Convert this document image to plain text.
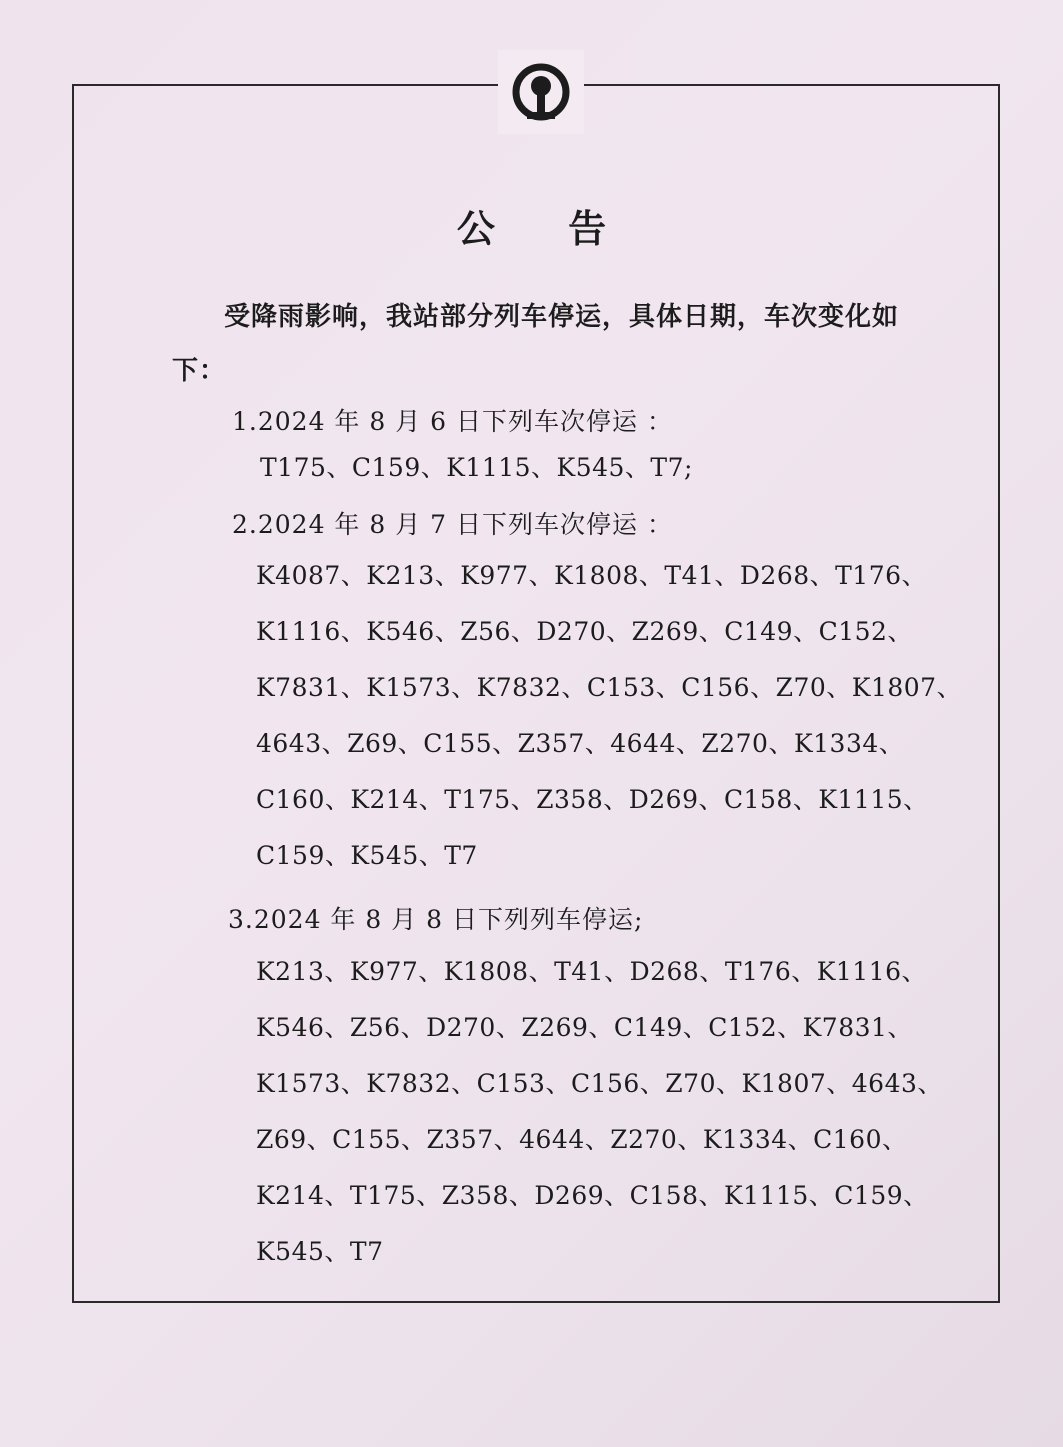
公 告
受降雨影响，我站部分列车停运，具体日期，车次变化如下：
1.2024 年 8 月 6 日下列车次停运 ：
T175、C159、K1115、K545、T7;
2.2024 年 8 月 7 日下列车次停运 ：
K4087、K213、K977、K1808、T41、D268、T176、
K1116、K546、Z56、D270、Z269、C149、C152、
K7831、K1573、K7832、C153、C156、Z70、K1807、
4643、Z69、C155、Z357、4644、Z270、K1334、
C160、K214、T175、Z358、D269、C158、K1115、
C159、K545、T7
3.2024 年 8 月 8 日下列列车停运;
K213、K977、K1808、T41、D268、T176、K1116、
K546、Z56、D270、Z269、C149、C152、K7831、
K1573、K7832、C153、C156、Z70、K1807、4643、
Z69、C155、Z357、4644、Z270、K1334、C160、
K214、T175、Z358、D269、C158、K1115、C159、
K545、T7
